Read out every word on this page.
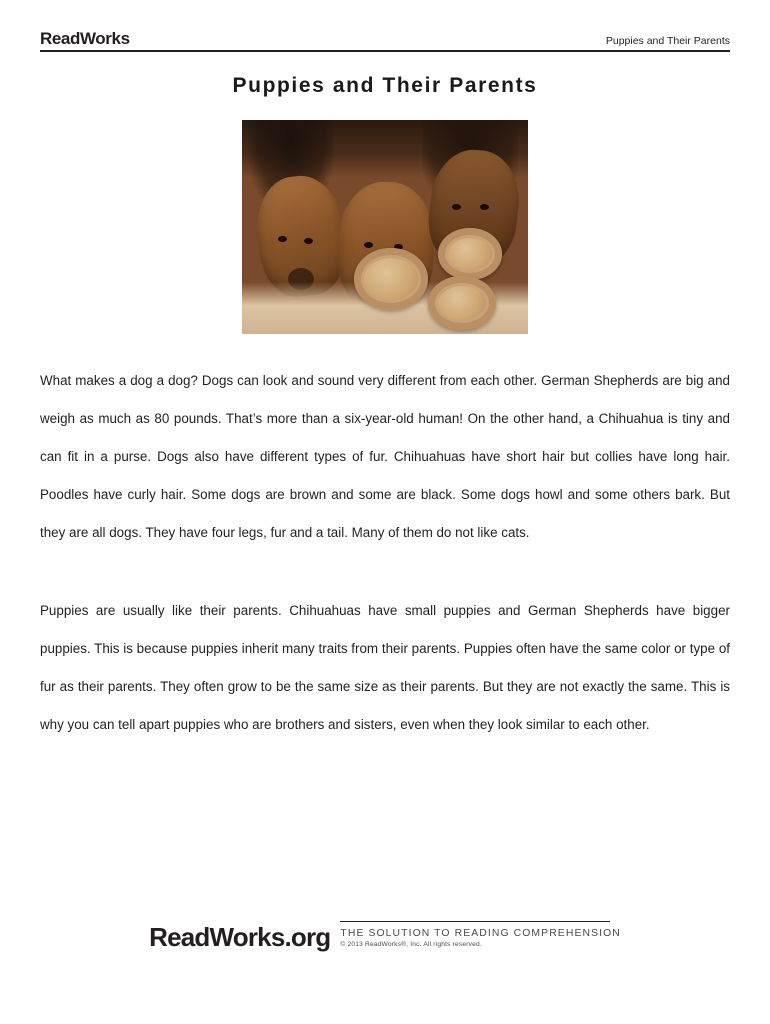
ReadWorks	Puppies and Their Parents
Puppies and Their Parents

What makes a dog a dog? Dogs can look and sound very different from each other. German Shepherds are big and weigh as much as 80 pounds. That’s more than a six-year-old human! On the other hand, a Chihuahua is tiny and can fit in a purse. Dogs also have different types of fur. Chihuahuas have short hair but collies have long hair. Poodles have curly hair. Some dogs are brown and some are black. Some dogs howl and some others bark. But they are all dogs. They have four legs, fur and a tail. Many of them do not like cats.

Puppies are usually like their parents. Chihuahuas have small puppies and German Shepherds have bigger puppies. This is because puppies inherit many traits from their parents. Puppies often have the same color or type of fur as their parents. They often grow to be the same size as their parents. But they are not exactly the same. This is why you can tell apart puppies who are brothers and sisters, even when they look similar to each other.

ReadWorks.org THE SOLUTION TO READING COMPREHENSION
© 2013 ReadWorks®, Inc. All rights reserved.
